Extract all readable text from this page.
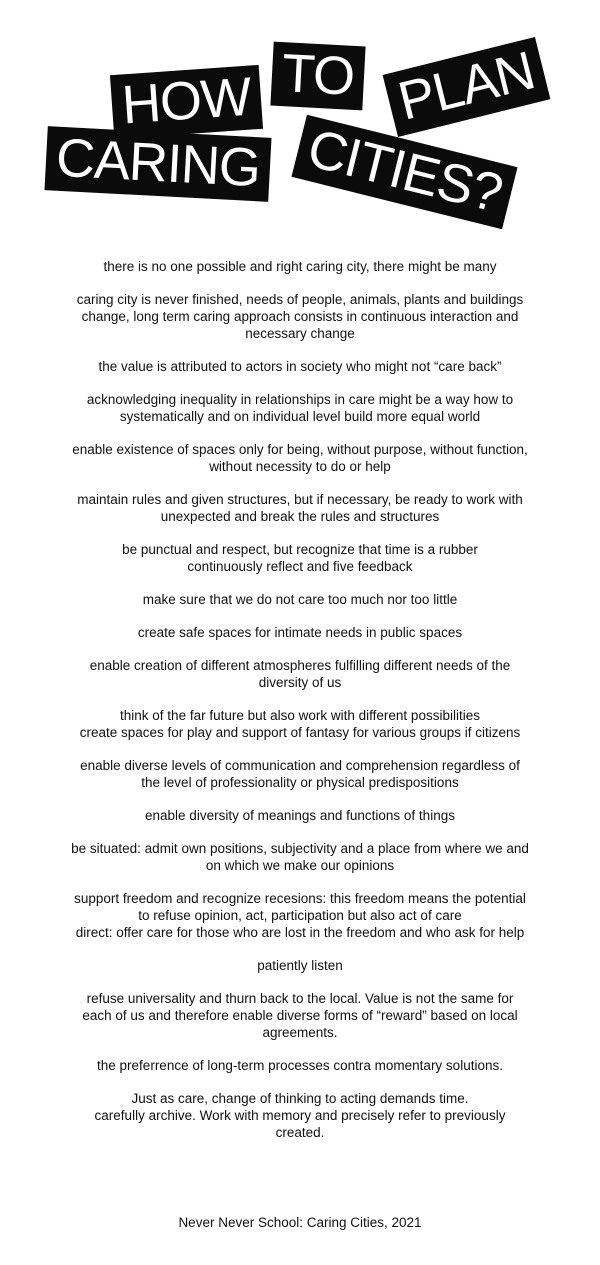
HOW TO PLAN
CARING CITIES?
there is no one possible and right caring city, there might be many
caring city is never finished, needs of people, animals, plants and buildings
change, long term caring approach consists in continuous interaction and
necessary change
the value is attributed to actors in society who might not “care back”
acknowledging inequality in relationships in care might be a way how to
systematically and on individual level build more equal world
enable existence of spaces only for being, without purpose, without function,
without necessity to do or help
maintain rules and given structures, but if necessary, be ready to work with
unexpected and break the rules and structures
be punctual and respect, but recognize that time is a rubber
continuously reflect and five feedback
make sure that we do not care too much nor too little
create safe spaces for intimate needs in public spaces
enable creation of different atmospheres fulfilling different needs of the
diversity of us
think of the far future but also work with different possibilities
create spaces for play and support of fantasy for various groups if citizens
enable diverse levels of communication and comprehension regardless of
the level of professionality or physical predispositions
enable diversity of meanings and functions of things
be situated: admit own positions, subjectivity and a place from where we and
on which we make our opinions
support freedom and recognize recesions: this freedom means the potential
to refuse opinion, act, participation but also act of care
direct: offer care for those who are lost in the freedom and who ask for help
patiently listen
refuse universality and thurn back to the local. Value is not the same for
each of us and therefore enable diverse forms of “reward” based on local
agreements.
the preferrence of long-term processes contra momentary solutions.
Just as care, change of thinking to acting demands time.
carefully archive. Work with memory and precisely refer to previously
created.
Never Never School: Caring Cities, 2021
